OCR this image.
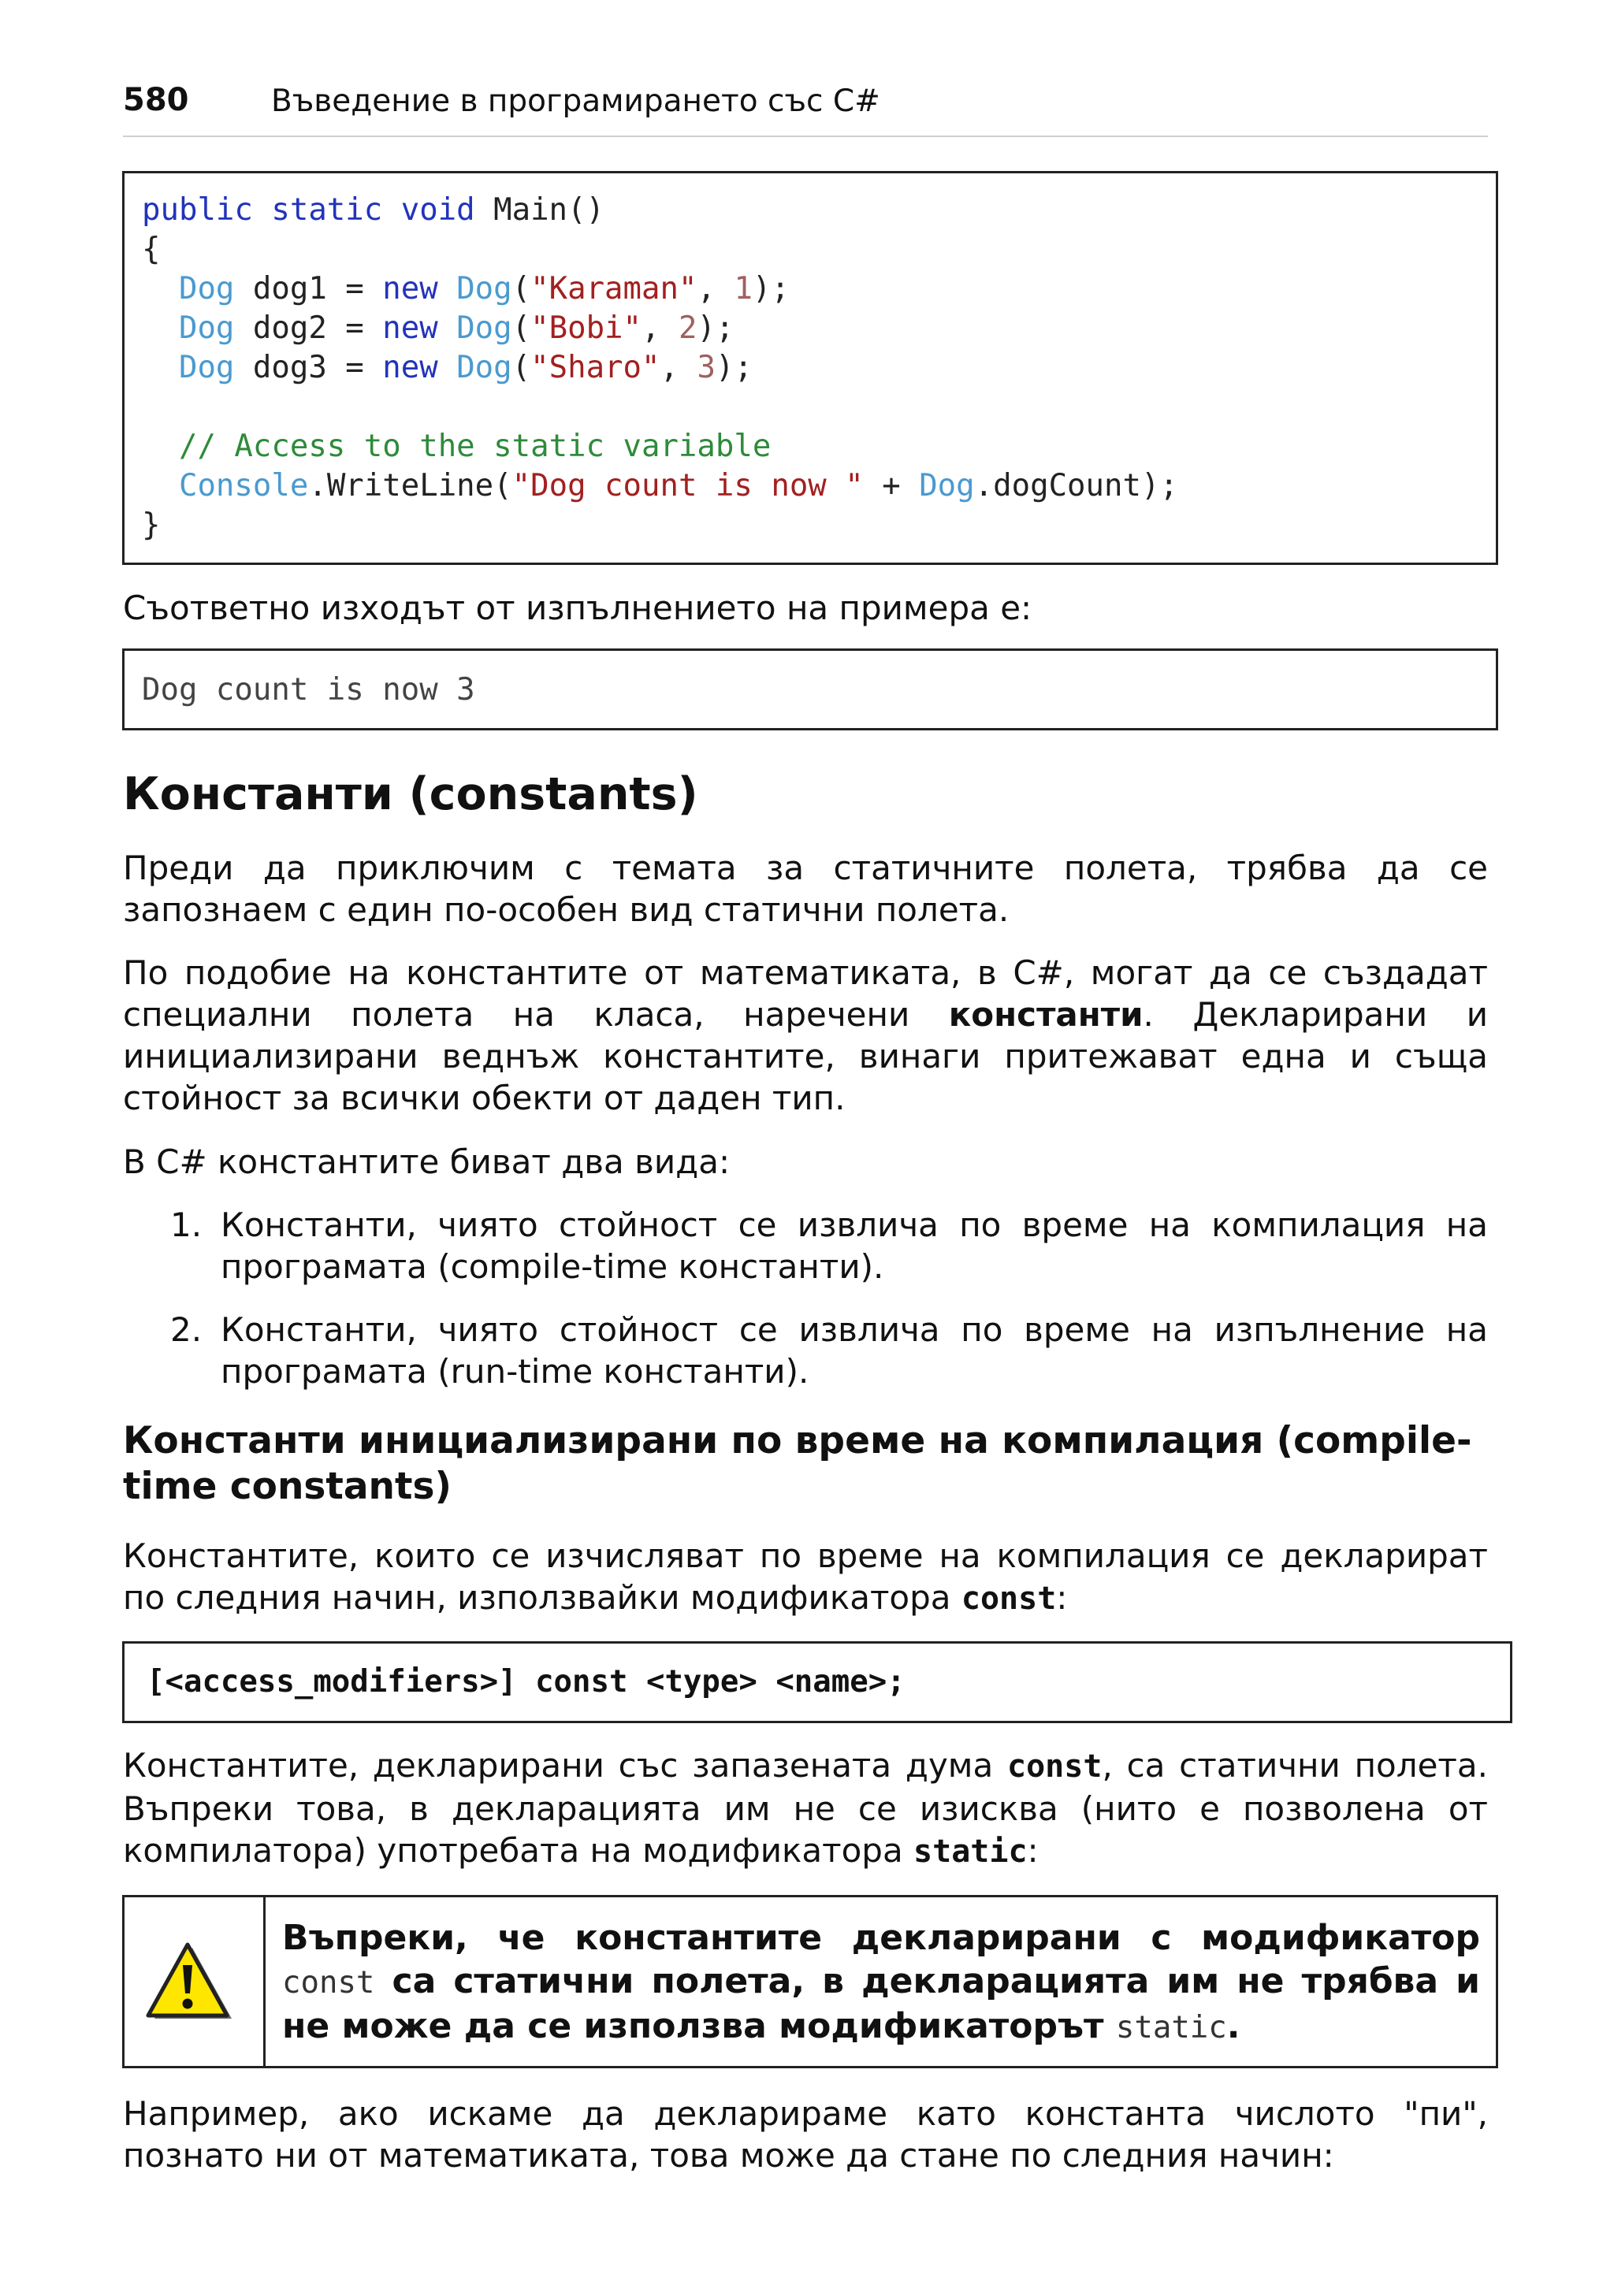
580	Въведение в програмирането със C#
public static void Main()
{
Dog dog1 = new Dog("Karaman", 1);
Dog dog2 = new Dog("Bobi", 2);
Dog dog3 = new Dog("Sharo", 3);

// Access to the static variable
Console.WriteLine("Dog count is now " + Dog.dogCount);
}

Съответно изходът от изпълнението на примера е:

Dog count is now 3
Константи (constants)

Преди да приключим с темата за статичните полета, трябва да се запознаем с един по-особен вид статични полета.

По подобие на константите от математиката, в C#, могат да се създадат специални полета на класа, наречени константи. Декларирани и инициализирани веднъж константите, винаги притежават една и съща стойност за всички обекти от даден тип.

В C# константите биват два вида:

1. Константи, чиято стойност се извлича по време на компилация на програмата (compile-time константи).
2. Константи, чиято стойност се извлича по време на изпълнение на програмата (run-time константи).
Константи инициализирани по време на компилация (compile-time constants)

Константите, които се изчисляват по време на компилация се декларират по следния начин, използвайки модификатора const:

[<access_modifiers>] const <type> <name>;

Константите, декларирани със запазената дума const, са статични полета. Въпреки това, в декларацията им не се изисква (нито е позволена от компилатора) употребата на модификатора static:

Въпреки, че константите декларирани с модификатор const са статични полета, в декларацията им не трябва и не може да се използва модификаторът static.

Например, ако искаме да декларираме като константа числото "пи", познато ни от математиката, това може да стане по следния начин:
